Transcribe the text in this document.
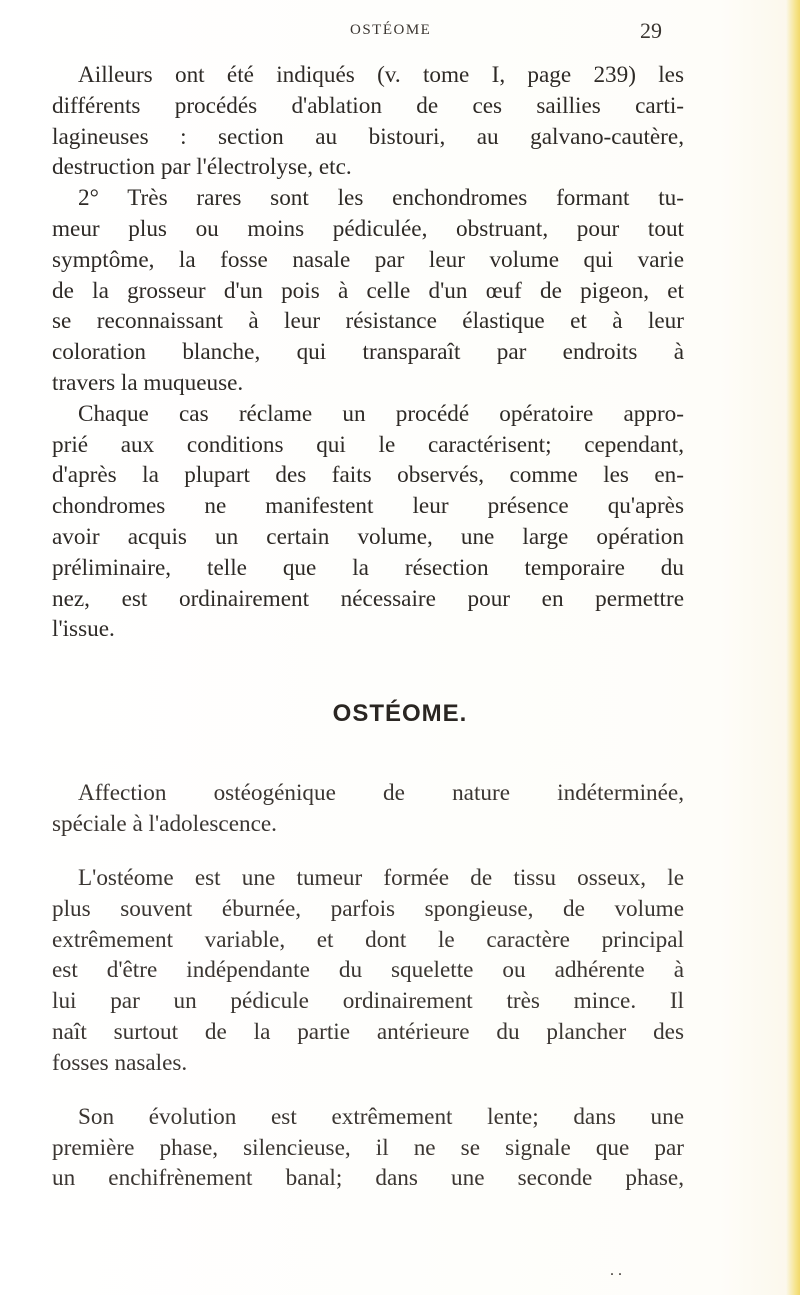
OSTÉOME	29

Ailleurs ont été indiqués (v. tome I, page 239) les
différents procédés d'ablation de ces saillies carti-
lagineuses : section au bistouri, au galvano-cautère,
destruction par l'électrolyse, etc.

2° Très rares sont les enchondromes formant tu-
meur plus ou moins pédiculée, obstruant, pour tout
symptôme, la fosse nasale par leur volume qui varie
de la grosseur d'un pois à celle d'un œuf de pigeon, et
se reconnaissant à leur résistance élastique et à leur
coloration blanche, qui transparaît par endroits à
travers la muqueuse.

Chaque cas réclame un procédé opératoire appro-
prié aux conditions qui le caractérisent; cependant,
d'après la plupart des faits observés, comme les en-
chondromes ne manifestent leur présence qu'après
avoir acquis un certain volume, une large opération
préliminaire, telle que la résection temporaire du
nez, est ordinairement nécessaire pour en permettre
l'issue.

OSTÉOME.

Affection ostéogénique de nature indéterminée,
spéciale à l'adolescence.

L'ostéome est une tumeur formée de tissu osseux, le
plus souvent éburnée, parfois spongieuse, de volume
extrêmement variable, et dont le caractère principal
est d'être indépendante du squelette ou adhérente à
lui par un pédicule ordinairement très mince. Il
naît surtout de la partie antérieure du plancher des
fosses nasales.

Son évolution est extrêmement lente; dans une
première phase, silencieuse, il ne se signale que par
un enchifrènement banal; dans une seconde phase,

. .
